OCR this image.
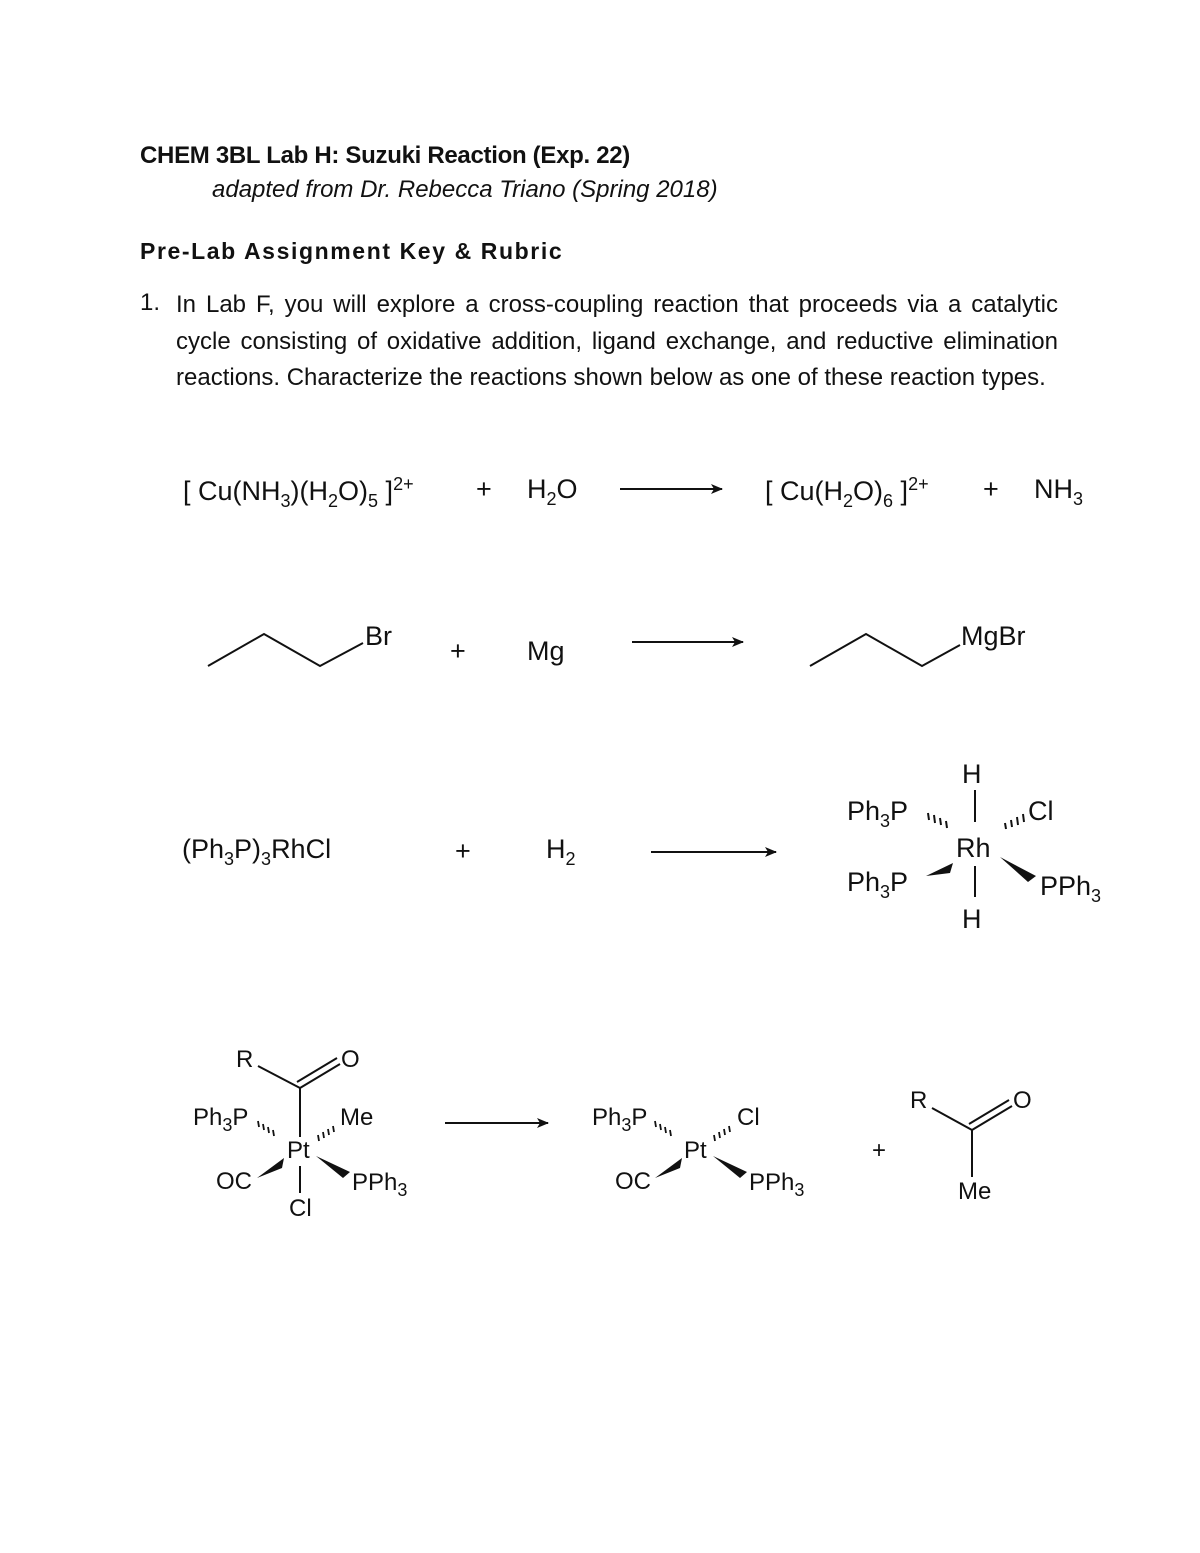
CHEM 3BL Lab H: Suzuki Reaction (Exp. 22)
adapted from Dr. Rebecca Triano (Spring 2018)
Pre-Lab Assignment Key & Rubric
1. In Lab F, you will explore a cross-coupling reaction that proceeds via a catalytic cycle consisting of oxidative addition, ligand exchange, and reductive elimination reactions. Characterize the reactions shown below as one of these reaction types.
[ $Cu(NH_3)(H_2O)_5$ ]$^{2+} + H_2O$	[ $Cu(H_2O)_6$ ]$^{2+} + NH_3$
Br + Mg	MgBr
$(Ph_3P)_3RhCl$	+	$H_2$
H
$Ph_3P$	Cl
Rh
$Ph_3P$	PPh$_3$
H
R	O
$Ph_3P$	Me
Pt
OC	PPh$_3$
Cl
$Ph_3P$	Cl
Pt
OC	PPh$_3$
+
R	O
Me
